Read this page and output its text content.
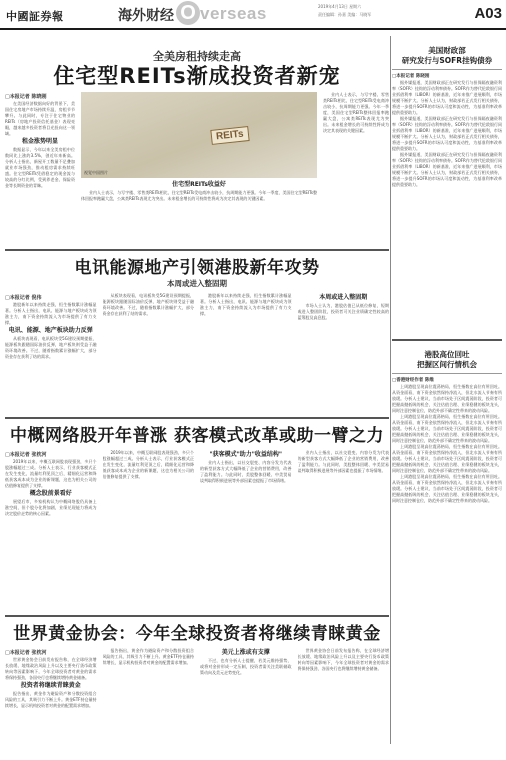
中國証券報	海外财经 O verseas	2019年4月13日 星期六
责任编辑：孙嘉 美编：马晓军	A03
全美房租持续走高
住宅型REITs渐成投资者新宠
□本报记者 陈晓刚

在美国经济数据向好的背景下，美国住宅房地产市场持续升温，房租节节攀升。与此同时，专注于住宅物业的REITs（房地产投资信托基金）表现亮眼，越来越多投资者将目光投向这一领域。

租金涨势明显

数据显示，今年以来全美房租中位数同比上涨约3.5%，创近年来新高。分析人士指出，新屋开工数量不足叠加就业市场强劲，推动租房需求持续旺盛。住宅型REITs凭借稳定的现金流与较高的分红比例，受到养老金、保险资金等长期资金的青睐。

REITs
视觉中国图片
住宅型REITs收益好

业内人士表示，与写字楼、零售类REITs相比，住宅型REITs受电商冲击较小，抗周期能力更强。今年一季度，美国住宅型REITs整体回报率跑赢大盘，公寓类REITs表现尤为突出。未来租金增长的可持续性将成为决定其表现的关键因素。

业内人士表示，与写字楼、零售类REITs相比，住宅型REITs受电商冲击较小，抗周期能力更强。今年一季度，美国住宅型REITs整体回报率跑赢大盘，公寓类REITs表现尤为突出。未来租金增长的可持续性将成为决定其表现的关键因素。

电讯能源地产引领港股新年攻势
本周或进入整固期
□本报记者 倪伟

港股新年以来持续走强，恒生指数累计涨幅显著。分析人士指出，电讯、能源与地产板块成为领涨主力，南下资金持续流入为市场提供了有力支撑。

电讯、能源、地产板块助力反弹

从板块表现看，电讯板块受5G建设预期提振，能源板块跟随国际油价反弹，地产板块则受益于融资环境改善。不过，随着指数累计涨幅扩大，部分资金存在获利了结的需求。

从板块表现看，电讯板块受5G建设预期提振，能源板块跟随国际油价反弹，地产板块则受益于融资环境改善。不过，随着指数累计涨幅扩大，部分资金存在获利了结的需求。

港股新年以来持续走强，恒生指数累计涨幅显著。分析人士指出，电讯、能源与地产板块成为领涨主力，南下资金持续流入为市场提供了有力支撑。

本周或进入整固期

市场人士认为，港股估值已从低位修复，短期或进入整固阶段，投资者可关注业绩确定性较高的蓝筹股及高息股。

中概网络股开年普涨 获客模式改革或助一臂之力
□本报记者 张枕河

2019年以来，中概互联网股表现强劲，多只个股涨幅超过三成。分析人士表示，行业获客模式正在发生变化，流量红利见顶之后，精细化运营和降低获客成本成为企业的新课题，这也为相关公司的估值修复提供了支撑。

概念股前景看好

展望后市，多家机构认为中概网络股仍具备上涨空间，但个股分化将加剧，业绩兑现能力将成为决定股价走势的核心因素。

2019年以来，中概互联网股表现强劲，多只个股涨幅超过三成。分析人士表示，行业获客模式正在发生变化，流量红利见顶之后，精细化运营和降低获客成本成为企业的新课题，这也为相关公司的估值修复提供了支撑。

"获客模式"助力"收益结构"

业内人士指出，以社交裂变、内容分发为代表的新型获客方式大幅降低了企业的营销费用，改善了盈利能力。与此同时，美股整体回暖、中美贸易谈判取得积极进展等外部因素也提振了市场情绪。

业内人士指出，以社交裂变、内容分发为代表的新型获客方式大幅降低了企业的营销费用，改善了盈利能力。与此同时，美股整体回暖、中美贸易谈判取得积极进展等外部因素也提振了市场情绪。

世界黄金协会：今年全球投资者将继续青睐黄金
□本报记者 张枕河

世界黄金协会日前发布报告称，在全球经济增长放缓、地缘政治风险上升以及主要央行货币政策转向等因素影响下，今年全球投资者对黄金的需求将保持强劲，各国央行也将继续增持黄金储备。

投资者将继续青睐黄金

报告指出，黄金作为避险资产和分散投资组合风险的工具，其吸引力不断上升。黄金ETF持仓量持续增长，显示机构投资者对黄金的配置需求增加。

报告指出，黄金作为避险资产和分散投资组合风险的工具，其吸引力不断上升。黄金ETF持仓量持续增长，显示机构投资者对黄金的配置需求增加。

美元上涨或有支撑

不过，也有分析人士提醒，若美元维持强势，或将对金价形成一定压制，投资者需关注美联储政策动向及美元走势变化。

世界黄金协会日前发布报告称，在全球经济增长放缓、地缘政治风险上升以及主要央行货币政策转向等因素影响下，今年全球投资者对黄金的需求将保持强劲，各国央行也将继续增持黄金储备。

美国财政部
研究发行与SOFR挂钩债券
□本报记者 陈晓刚

据外媒报道，美国财政部正在研究发行与担保隔夜融资利率（SOFR）挂钩的浮动利率债券。SOFR作为替代伦敦银行同业拆借利率（LIBOR）的新基准，近年来推广进展顺利，市场规模不断扩大。分析人士认为，财政部若正式发行相关债券，将进一步提升SOFR的市场认可度和流动性，为基准利率改革提供重要助力。

据外媒报道，美国财政部正在研究发行与担保隔夜融资利率（SOFR）挂钩的浮动利率债券。SOFR作为替代伦敦银行同业拆借利率（LIBOR）的新基准，近年来推广进展顺利，市场规模不断扩大。分析人士认为，财政部若正式发行相关债券，将进一步提升SOFR的市场认可度和流动性，为基准利率改革提供重要助力。

据外媒报道，美国财政部正在研究发行与担保隔夜融资利率（SOFR）挂钩的浮动利率债券。SOFR作为替代伦敦银行同业拆借利率（LIBOR）的新基准，近年来推广进展顺利，市场规模不断扩大。分析人士认为，财政部若正式发行相关债券，将进一步提升SOFR的市场认可度和流动性，为基准利率改革提供重要助力。

港股高位回吐
把握区间行情机会
□香港财经作者 陈维

上周港股呈现高位震荡格局，恒生指数在高位有所回吐。从资金面看，南下资金依然保持净流入，但北水流入节奏有所放缓。分析人士建议，当前市场处于区间震荡阶段，投资者可把握高抛低吸的机会，关注估值合理、业绩稳健的板块龙头，同时注意控制仓位，防范外部不确定性带来的波动风险。

上周港股呈现高位震荡格局，恒生指数在高位有所回吐。从资金面看，南下资金依然保持净流入，但北水流入节奏有所放缓。分析人士建议，当前市场处于区间震荡阶段，投资者可把握高抛低吸的机会，关注估值合理、业绩稳健的板块龙头，同时注意控制仓位，防范外部不确定性带来的波动风险。

上周港股呈现高位震荡格局，恒生指数在高位有所回吐。从资金面看，南下资金依然保持净流入，但北水流入节奏有所放缓。分析人士建议，当前市场处于区间震荡阶段，投资者可把握高抛低吸的机会，关注估值合理、业绩稳健的板块龙头，同时注意控制仓位，防范外部不确定性带来的波动风险。

上周港股呈现高位震荡格局，恒生指数在高位有所回吐。从资金面看，南下资金依然保持净流入，但北水流入节奏有所放缓。分析人士建议，当前市场处于区间震荡阶段，投资者可把握高抛低吸的机会，关注估值合理、业绩稳健的板块龙头，同时注意控制仓位，防范外部不确定性带来的波动风险。
